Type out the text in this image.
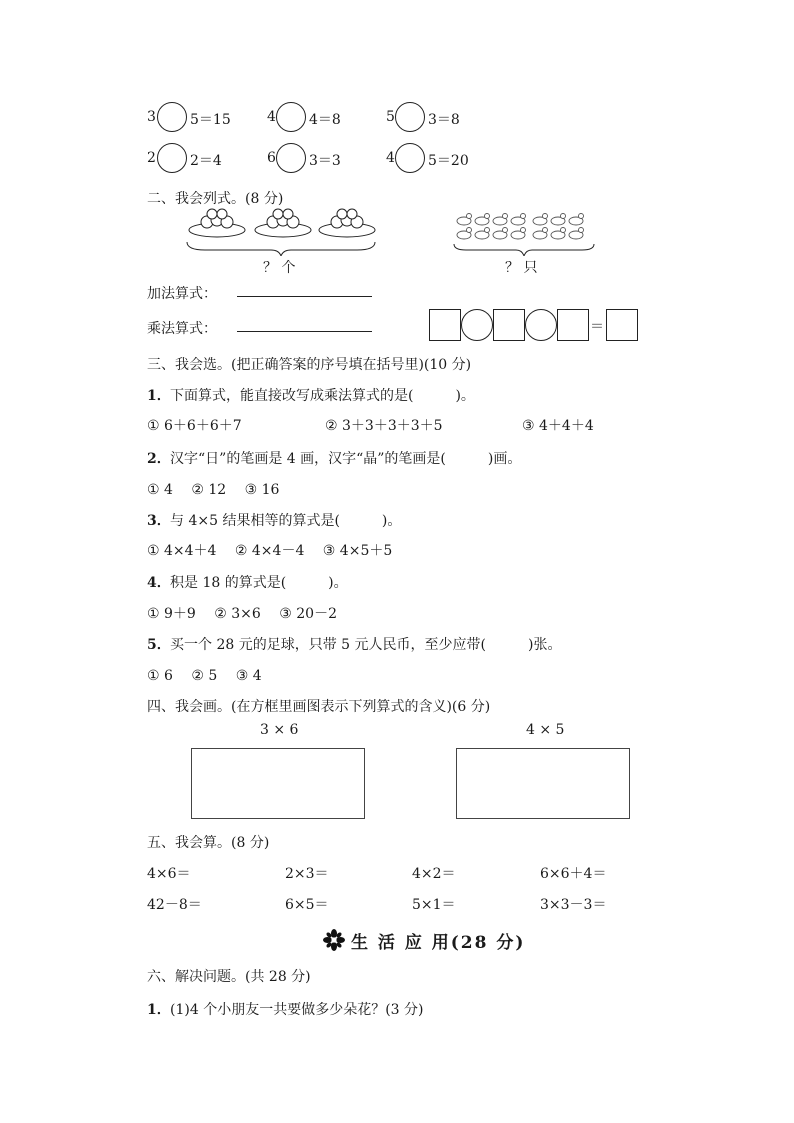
3 5＝15	4 4＝8	5 3＝8
2 2＝4	6 3＝3	4 5＝20
二、我会列式。(8 分)
？ 个	？ 只
加法算式：
乘法算式：	＝
三、我会选。(把正确答案的序号填在括号里)(10 分)
1． 下面算式，能直接改写成乘法算式的是(　　　)。
① 6＋6＋6＋7	② 3＋3＋3＋3＋5	③ 4＋4＋4
2． 汉字“日”的笔画是 4 画，汉字“晶”的笔画是(　　　)画。
① 4　 ② 12　 ③ 16
3． 与 4×5 结果相等的算式是(　　　)。
① 4×4＋4　 ② 4×4－4　 ③ 4×5＋5
4． 积是 18 的算式是(　　　)。
① 9＋9　 ② 3×6　 ③ 20－2
5． 买一个 28 元的足球，只带 5 元人民币，至少应带(　　　)张。
① 6　 ② 5　 ③ 4
四、我会画。(在方框里画图表示下列算式的含义)(6 分)
3 × 6	4 × 5
五、我会算。(8 分)
4×6＝	2×3＝	4×2＝	6×6＋4＝
42－8＝	6×5＝	5×1＝	3×3－3＝
生 活 应 用(28 分)
六、解决问题。(共 28 分)
1． (1)4 个小朋友一共要做多少朵花？(3 分)
